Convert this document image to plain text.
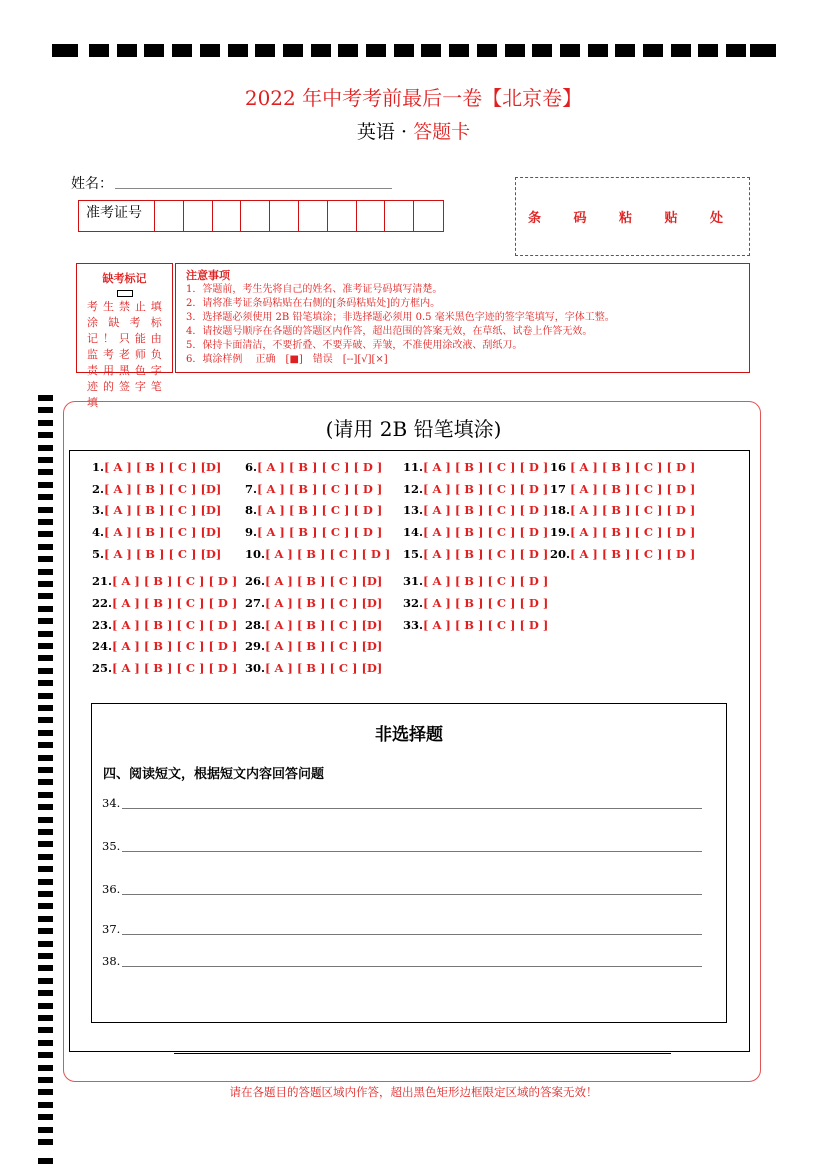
2022 年中考考前最后一卷【北京卷】
英语 · 答题卡
姓名：
准考证号	条 码 粘 贴 处
缺考标记
考生禁止填涂缺考标记！只能由监考老师负责用黑色字迹的签字笔填
注意事项
1．答题前，考生先将自己的姓名、准考证号码填写清楚。
2．请将准考证条码粘贴在右侧的[条码粘贴处]的方框内。
3．选择题必须使用 2B 铅笔填涂；非选择题必须用 0.5 毫米黑色字迹的签字笔填写，字体工整。
4．请按题号顺序在各题的答题区内作答，超出范围的答案无效，在草纸、试卷上作答无效。
5．保持卡面清洁，不要折叠、不要弄破、弄皱，不准使用涂改液、刮纸刀。
6．填涂样例　 正确　[■]　错误　[--][√][×]
(请用 2B 铅笔填涂)
1.[ A ] [ B ] [ C ] [D]
2.[ A ] [ B ] [ C ] [D]
3.[ A ] [ B ] [ C ] [D]
4.[ A ] [ B ] [ C ] [D]
5.[ A ] [ B ] [ C ] [D]
6.[ A ] [ B ] [ C ] [ D ]
7.[ A ] [ B ] [ C ] [ D ]
8.[ A ] [ B ] [ C ] [ D ]
9.[ A ] [ B ] [ C ] [ D ]
10.[ A ] [ B ] [ C ] [ D ]
11.[ A ] [ B ] [ C ] [ D ]
12.[ A ] [ B ] [ C ] [ D ]
13.[ A ] [ B ] [ C ] [ D ]
14.[ A ] [ B ] [ C ] [ D ]
15.[ A ] [ B ] [ C ] [ D ]
16 [ A ] [ B ] [ C ] [ D ]
17 [ A ] [ B ] [ C ] [ D ]
18.[ A ] [ B ] [ C ] [ D ]
19.[ A ] [ B ] [ C ] [ D ]
20.[ A ] [ B ] [ C ] [ D ]
21.[ A ] [ B ] [ C ] [ D ]
22.[ A ] [ B ] [ C ] [ D ]
23.[ A ] [ B ] [ C ] [ D ]
24.[ A ] [ B ] [ C ] [ D ]
25.[ A ] [ B ] [ C ] [ D ]
26.[ A ] [ B ] [ C ] [D]
27.[ A ] [ B ] [ C ] [D]
28.[ A ] [ B ] [ C ] [D]
29.[ A ] [ B ] [ C ] [D]
30.[ A ] [ B ] [ C ] [D]
31.[ A ] [ B ] [ C ] [ D ]
32.[ A ] [ B ] [ C ] [ D ]
33.[ A ] [ B ] [ C ] [ D ]
非选择题
四、阅读短文，根据短文内容回答问题
34.
35.
36.
37.
38.
请在各题目的答题区域内作答，超出黑色矩形边框限定区域的答案无效！
